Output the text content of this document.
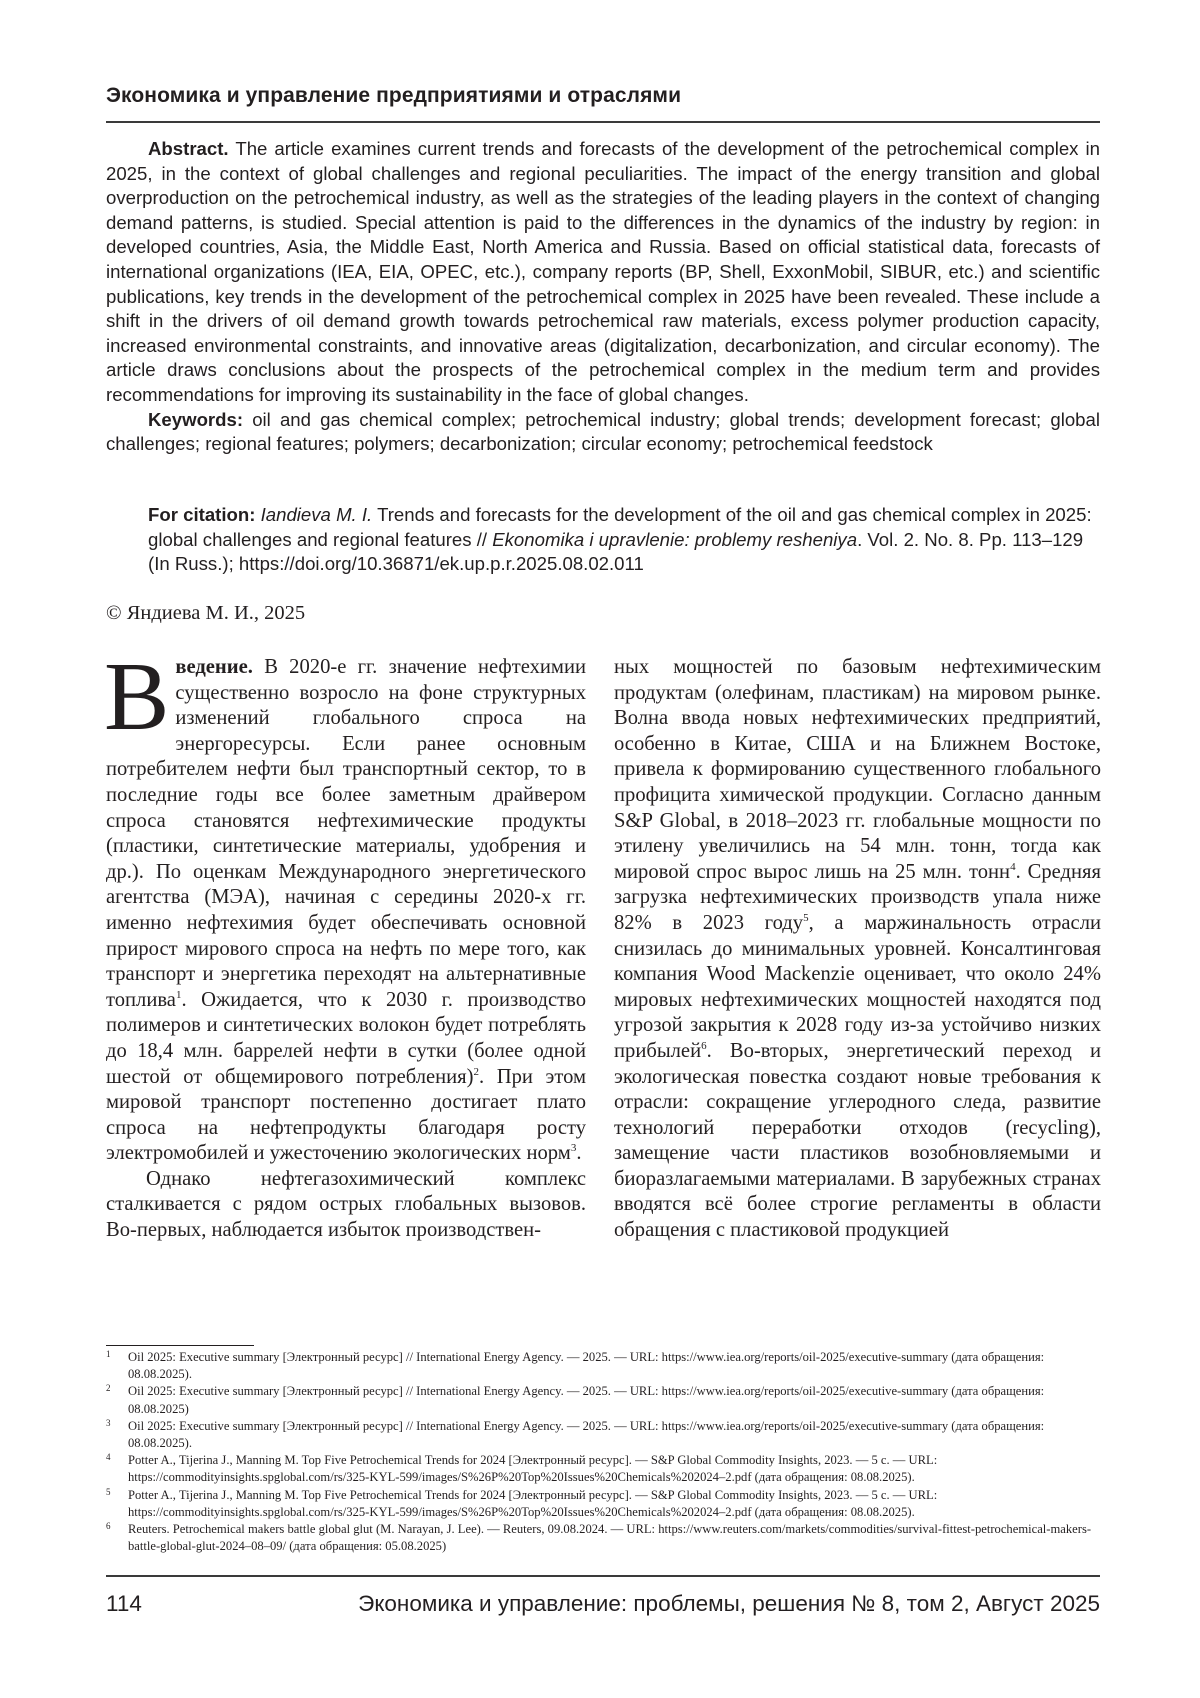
Экономика и управление предприятиями и отраслями

Abstract. The article examines current trends and forecasts of the development of the petrochemical complex in 2025, in the context of global challenges and regional peculiarities. The impact of the energy transition and global overproduction on the petrochemical industry, as well as the strategies of the leading players in the context of changing demand patterns, is studied. Special attention is paid to the differences in the dynamics of the industry by region: in developed countries, Asia, the Middle East, North America and Russia. Based on official statistical data, forecasts of international organizations (IEA, EIA, OPEC, etc.), company reports (BP, Shell, ExxonMobil, SIBUR, etc.) and scientific publications, key trends in the development of the petrochemical complex in 2025 have been revealed. These include a shift in the drivers of oil demand growth towards petrochemical raw materials, excess polymer production capacity, increased environmental constraints, and innovative areas (digitalization, decarbonization, and circular economy). The article draws conclusions about the prospects of the petrochemical complex in the medium term and provides recommendations for improving its sustainability in the face of global changes.

Keywords: oil and gas chemical complex; petrochemical industry; global trends; development forecast; global challenges; regional features; polymers; decarbonization; circular economy; petrochemical feedstock

For citation: Iandieva M. I. Trends and forecasts for the development of the oil and gas chemical complex in 2025: global challenges and regional features // Ekonomika i upravlenie: problemy resheniya. Vol. 2. No. 8. Pp. 113–129 (In Russ.); https://doi.org/10.36871/ek.up.p.r.2025.08.02.011
© Яндиева М. И., 2025

Введение. В 2020-е гг. значение нефтехимии существенно возросло на фоне структурных изменений глобального спроса на энергоресурсы. Если ранее основным потребителем нефти был транспортный сектор, то в последние годы все более заметным драйвером спроса становятся нефтехимические продукты (пластики, синтетические материалы, удобрения и др.). По оценкам Международного энергетического агентства (МЭА), начиная с середины 2020-х гг. именно нефтехимия будет обеспечивать основной прирост мирового спроса на нефть по мере того, как транспорт и энергетика переходят на альтернативные топлива$^1$. Ожидается, что к 2030 г. производство полимеров и синтетических волокон будет потреблять до 18,4 млн. баррелей нефти в сутки (более одной шестой от общемирового потребления)$^2$. При этом мировой транспорт постепенно достигает плато спроса на нефтепродукты благодаря росту электромобилей и ужесточению экологических норм$^3$.

Однако нефтегазохимический комплекс сталкивается с рядом острых глобальных вызовов. Во-первых, наблюдается избыток производствен-

ных мощностей по базовым нефтехимическим продуктам (олефинам, пластикам) на мировом рынке. Волна ввода новых нефтехимических предприятий, особенно в Китае, США и на Ближнем Востоке, привела к формированию существенного глобального профицита химической продукции. Согласно данным S&P Global, в 2018–2023 гг. глобальные мощности по этилену увеличились на 54 млн. тонн, тогда как мировой спрос вырос лишь на 25 млн. тонн$^4$. Средняя загрузка нефтехимических производств упала ниже 82% в 2023 году$^5$, а маржинальность отрасли снизилась до минимальных уровней. Консалтинговая компания Wood Mackenzie оценивает, что около 24% мировых нефтехимических мощностей находятся под угрозой закрытия к 2028 году из-за устойчиво низких прибылей$^6$. Во-вторых, энергетический переход и экологическая повестка создают новые требования к отрасли: сокращение углеродного следа, развитие технологий переработки отходов (recycling), замещение части пластиков возобновляемыми и биоразлагаемыми материалами. В зарубежных странах вводятся всё более строгие регламенты в области обращения с пластиковой продукцией

1 Oil 2025: Executive summary [Электронный ресурс] // International Energy Agency. — 2025. — URL: https://www.iea.org/reports/oil-2025/executive-summary (дата обращения: 08.08.2025).

2 Oil 2025: Executive summary [Электронный ресурс] // International Energy Agency. — 2025. — URL: https://www.iea.org/reports/oil-2025/executive-summary (дата обращения: 08.08.2025)

3 Oil 2025: Executive summary [Электронный ресурс] // International Energy Agency. — 2025. — URL: https://www.iea.org/reports/oil-2025/executive-summary (дата обращения: 08.08.2025).

4 Potter A., Tijerina J., Manning M. Top Five Petrochemical Trends for 2024 [Электронный ресурс]. — S&P Global Commodity Insights, 2023. — 5 с. — URL: https://commodityinsights.spglobal.com/rs/325-KYL-599/images/S%26P%20Top%20Issues%20Chemicals%202024–2.pdf (дата обращения: 08.08.2025).

5 Potter A., Tijerina J., Manning M. Top Five Petrochemical Trends for 2024 [Электронный ресурс]. — S&P Global Commodity Insights, 2023. — 5 с. — URL: https://commodityinsights.spglobal.com/rs/325-KYL-599/images/S%26P%20Top%20Issues%20Chemicals%202024–2.pdf (дата обращения: 08.08.2025).

6 Reuters. Petrochemical makers battle global glut (M. Narayan, J. Lee). — Reuters, 09.08.2024. — URL: https://www.reuters.com/markets/commodities/survival-fittest-petrochemical-makers-battle-global-glut-2024–08–09/ (дата обращения: 05.08.2025)

114	Экономика и управление: проблемы, решения № 8, том 2, Август 2025
